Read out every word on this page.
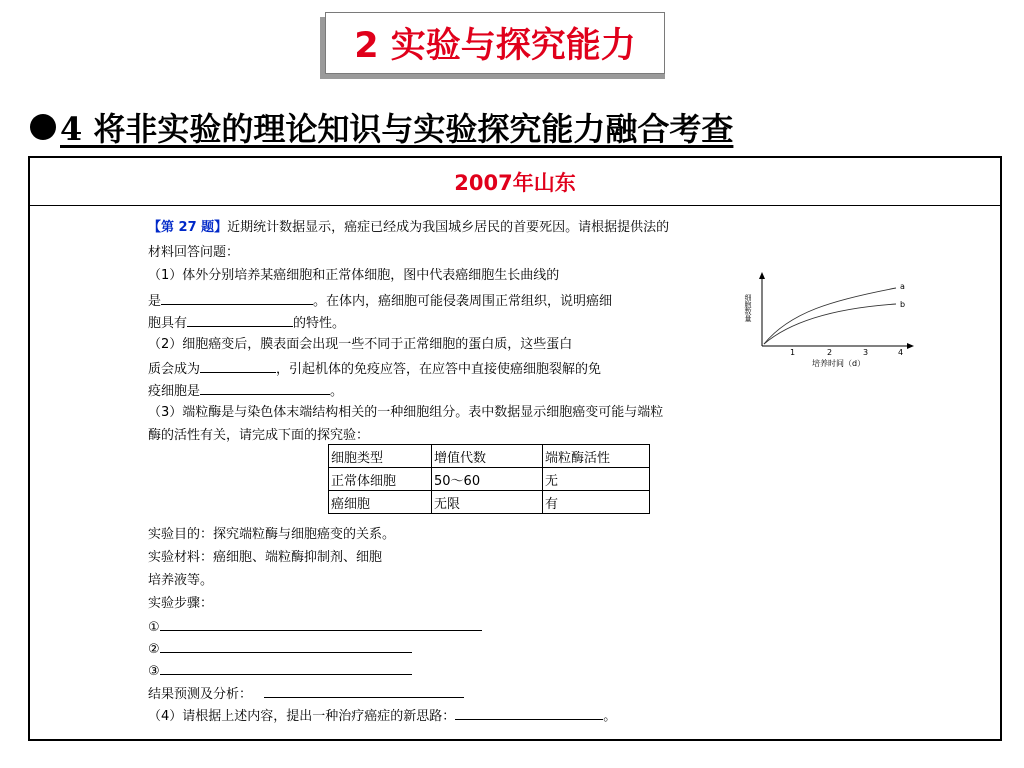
2 实验与探究能力
4 将非实验的理论知识与实验探究能力融合考查
2007年山东
【第 27 题】近期统计数据显示，癌症已经成为我国城乡居民的首要死因。请根据提供法的
材料回答问题：
（1）体外分别培养某癌细胞和正常体细胞，图中代表癌细胞生长曲线的
是	。在体内，癌细胞可能侵袭周围正常组织，说明癌细
胞具有	的特性。
（2）细胞癌变后，膜表面会出现一些不同于正常细胞的蛋白质，这些蛋白
质会成为	，引起机体的免疫应答，在应答中直接使癌细胞裂解的免
疫细胞是	。
（3）端粒酶是与染色体末端结构相关的一种细胞组分。表中数据显示细胞癌变可能与端粒
酶的活性有关，请完成下面的探究验：
细胞类型	增值代数	端粒酶活性
正常体细胞	50～60	无
癌细胞	无限	有
实验目的：探究端粒酶与细胞癌变的关系。
实验材料：癌细胞、端粒酶抑制剂、细胞
培养液等。
实验步骤：
①
②
③
结果预测及分析：
（4）请根据上述内容，提出一种治疗癌症的新思路：	。
细胞数量
a
b
1	2	3	4
培养时间（d）
